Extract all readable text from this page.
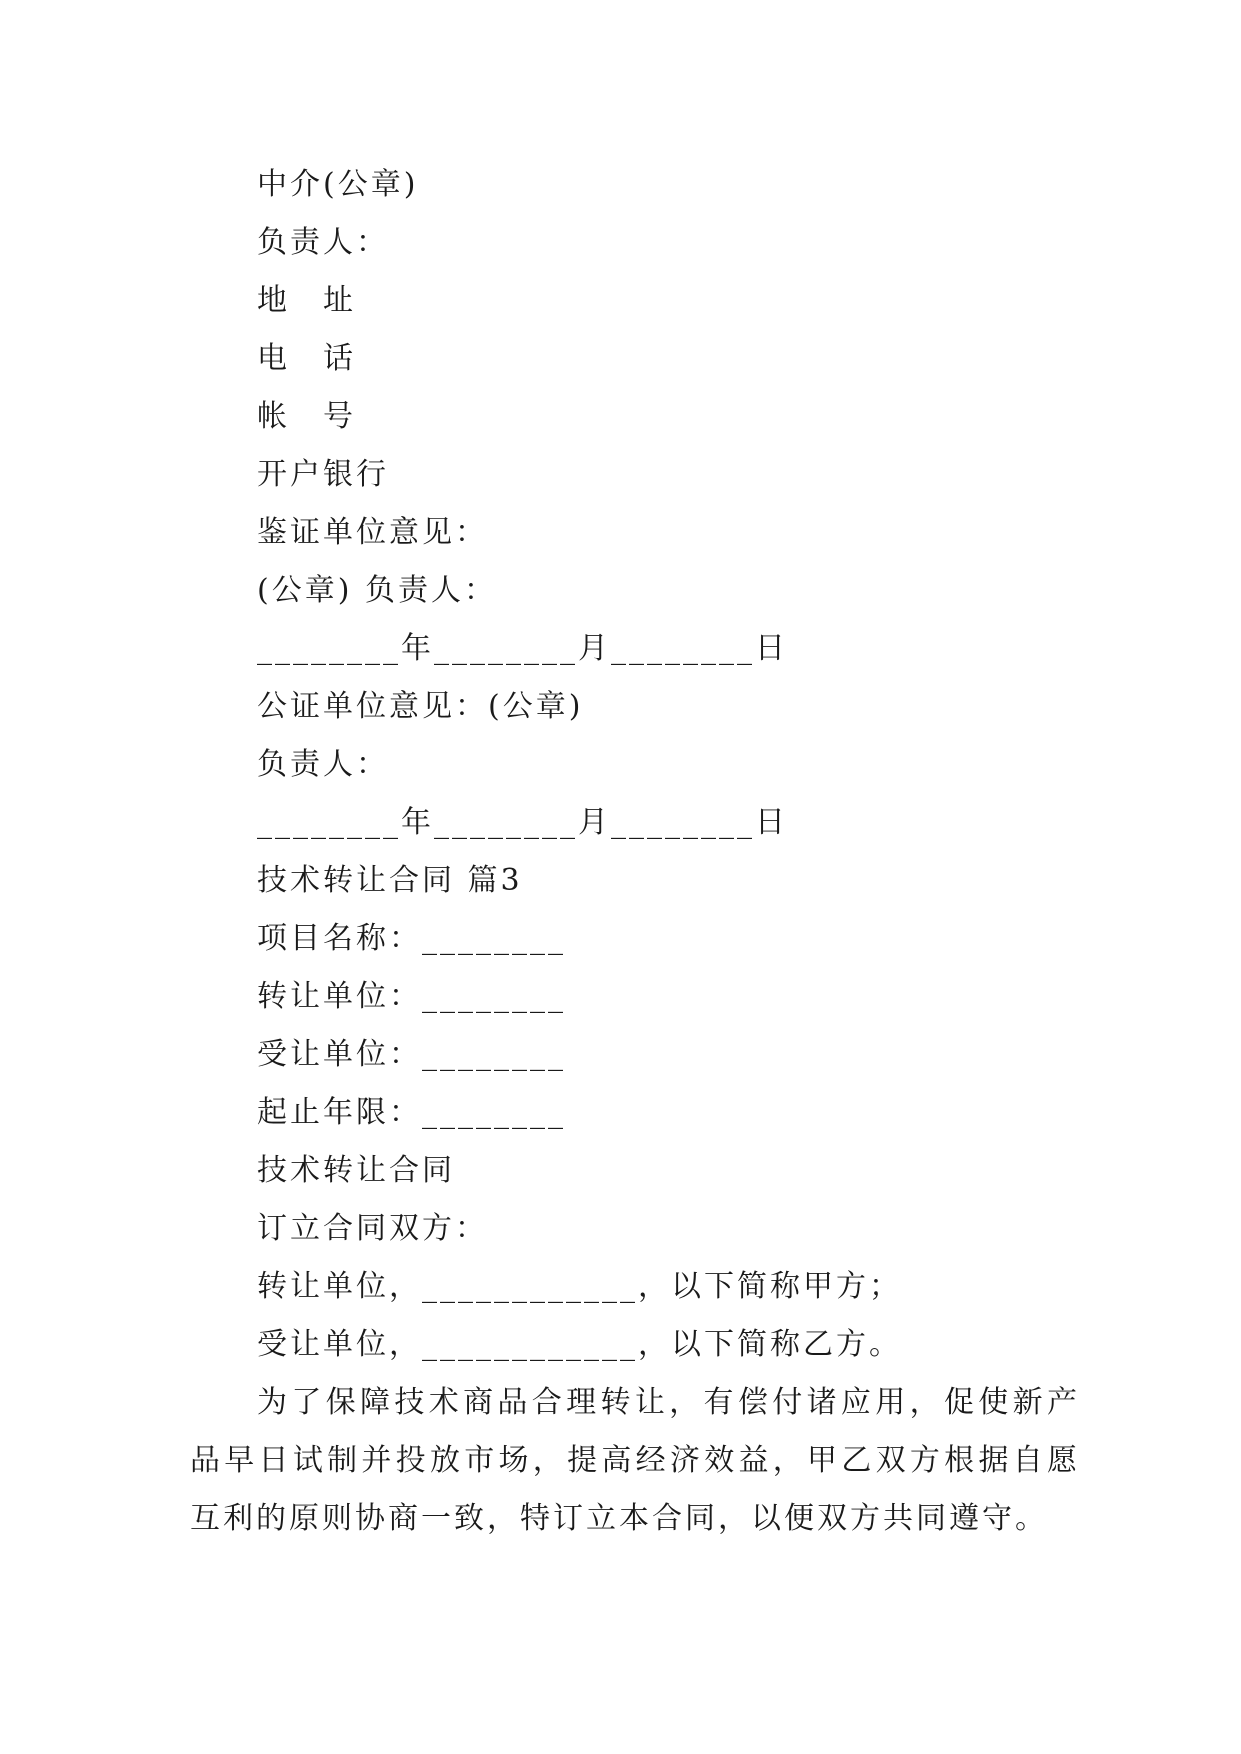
中介(公章)
负责人：
地　址
电　话
帐　号
开户银行
鉴证单位意见：
(公章) 负责人：
________年________月________日
公证单位意见：(公章)
负责人：
________年________月________日
技术转让合同 篇3
项目名称：________
转让单位：________
受让单位：________
起止年限：________
技术转让合同
订立合同双方：
转让单位，____________，以下简称甲方；
受让单位，____________，以下简称乙方。
为了保障技术商品合理转让，有偿付诸应用，促使新产品早日试制并投放市场，提高经济效益，甲乙双方根据自愿互利的原则协商一致，特订立本合同，以便双方共同遵守。
